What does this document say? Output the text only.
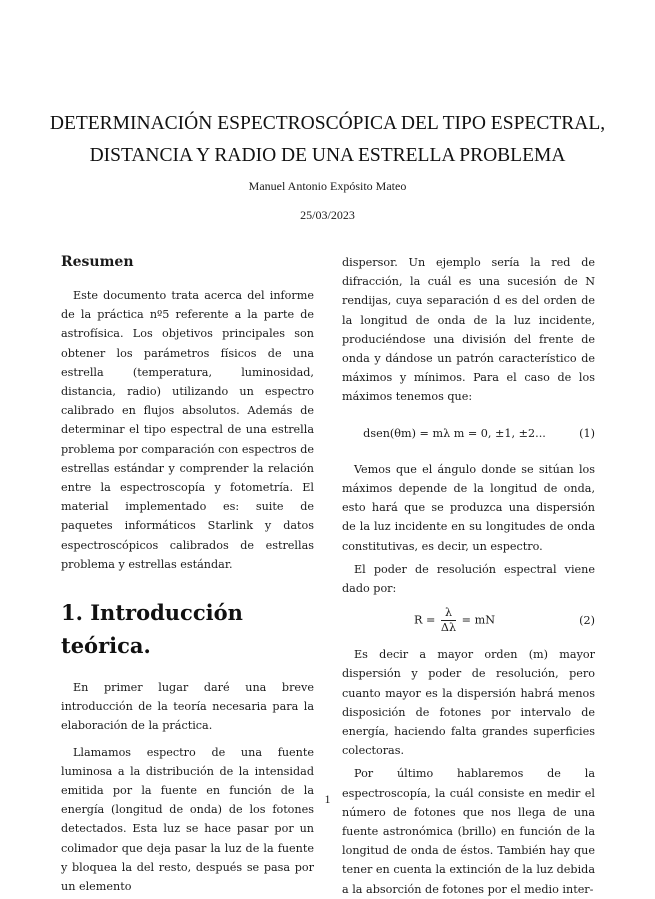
DETERMINACIÓN ESPECTROSCÓPICA DEL TIPO ESPECTRAL,
DISTANCIA Y RADIO DE UNA ESTRELLA PROBLEMA
Manuel Antonio Expósito Mateo
25/03/2023
Resumen

Este documento trata acerca del informe de la práctica nº5 referente a la parte de astrofísica. Los objetivos principales son obtener los parámetros físicos de una estrella (temperatura, luminosidad, distancia, radio) utilizando un espectro calibrado en flujos absolutos. Además de determinar el tipo espectral de una estrella problema por comparación con espectros de estrellas estándar y comprender la relación entre la espectroscopía y fotometría. El material implementado es: suite de paquetes informáticos Starlink y datos espectroscópicos calibrados de estrellas problema y estrellas estándar.

1. Introducción
teórica.

En primer lugar daré una breve introducción de la teoría necesaria para la elaboración de la práctica.

Llamamos espectro de una fuente luminosa a la distribución de la intensidad emitida por la fuente en función de la energía (longitud de onda) de los fotones detectados. Esta luz se hace pasar por un colimador que deja pasar la luz de la fuente y bloquea la del resto, después se pasa por un elemento

dispersor. Un ejemplo sería la red de difracción, la cuál es una sucesión de N rendijas, cuya separación d es del orden de la longitud de onda de la luz incidente, produciéndose una división del frente de onda y dándose un patrón característico de máximos y mínimos. Para el caso de los máximos tenemos que:

dsen(θm) = mλ m = 0, ±1, ±2...	(1)

Vemos que el ángulo donde se sitúan los máximos depende de la longitud de onda, esto hará que se produzca una dispersión de la luz incidente en su longitudes de onda constitutivas, es decir, un espectro.

El poder de resolución espectral viene dado por:

$R = \frac{\lambda}{\Delta\lambda}$ = mN	(2)

Es decir a mayor orden (m) mayor dispersión y poder de resolución, pero cuanto mayor es la dispersión habrá menos disposición de fotones por intervalo de energía, haciendo falta grandes superficies colectoras.

Por último hablaremos de la espectroscopía, la cuál consiste en medir el número de fotones que nos llega de una fuente astronómica (brillo) en función de la longitud de onda de éstos. También hay que tener en cuenta la extinción de la luz debida a la absorción de fotones por el medio inter-

1
